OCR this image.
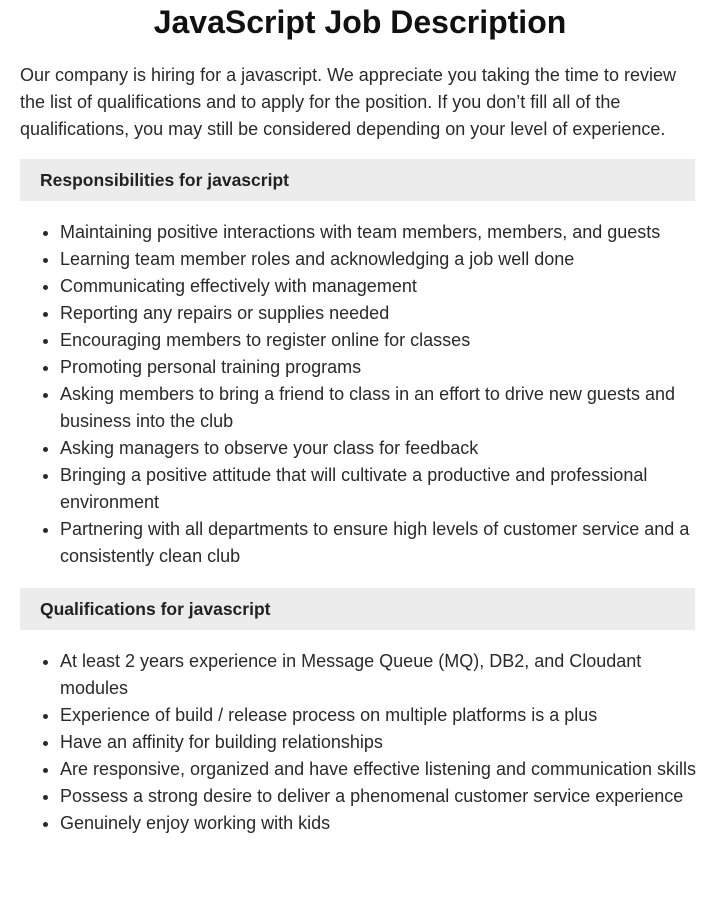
JavaScript Job Description

Our company is hiring for a javascript. We appreciate you taking the time to review the list of qualifications and to apply for the position. If you don’t fill all of the qualifications, you may still be considered depending on your level of experience.

Responsibilities for javascript
• Maintaining positive interactions with team members, members, and guests
• Learning team member roles and acknowledging a job well done
• Communicating effectively with management
• Reporting any repairs or supplies needed
• Encouraging members to register online for classes
• Promoting personal training programs
• Asking members to bring a friend to class in an effort to drive new guests and business into the club
• Asking managers to observe your class for feedback
• Bringing a positive attitude that will cultivate a productive and professional environment
• Partnering with all departments to ensure high levels of customer service and a consistently clean club
Qualifications for javascript
• At least 2 years experience in Message Queue (MQ), DB2, and Cloudant modules
• Experience of build / release process on multiple platforms is a plus
• Have an affinity for building relationships
• Are responsive, organized and have effective listening and communication skills
• Possess a strong desire to deliver a phenomenal customer service experience
• Genuinely enjoy working with kids
